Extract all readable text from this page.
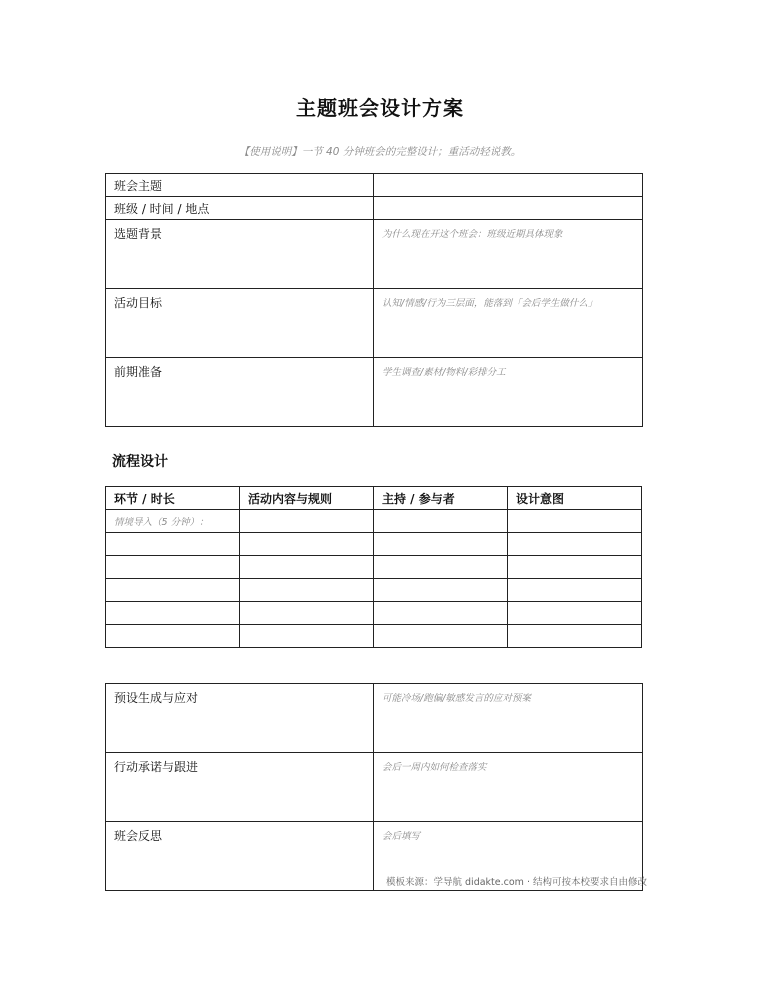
主题班会设计方案
【使用说明】一节 40 分钟班会的完整设计；重活动轻说教。
班会主题	
班级 / 时间 / 地点	
选题背景	为什么现在开这个班会：班级近期具体现象
活动目标	认知/情感/行为三层面，能落到「会后学生做什么」
前期准备	学生调查/素材/物料/彩排分工
流程设计
环节 / 时长	活动内容与规则	主持 / 参与者	设计意图
情境导入（5 分钟）：			

预设生成与应对	可能冷场/跑偏/敏感发言的应对预案
行动承诺与跟进	会后一周内如何检查落实
班会反思	会后填写
模板来源：学导航 didakte.com · 结构可按本校要求自由修改
